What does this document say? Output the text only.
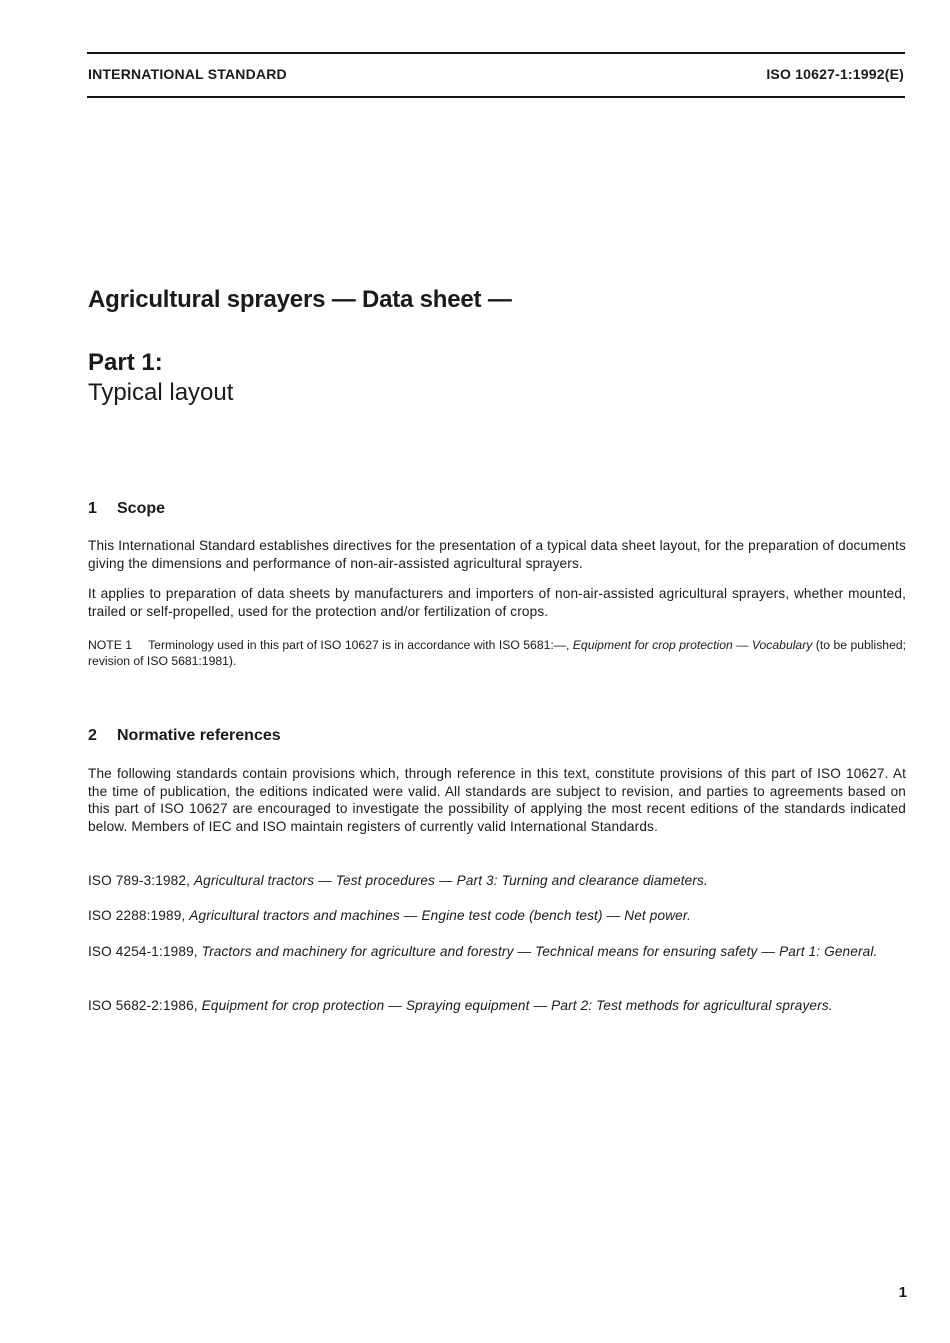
INTERNATIONAL STANDARD	ISO 10627-1:1992(E)
Agricultural sprayers — Data sheet —
Part 1:
Typical layout
1 Scope

This International Standard establishes directives for the presentation of a typical data sheet layout, for the preparation of documents giving the dimensions and performance of non-air-assisted agricultural sprayers.

It applies to preparation of data sheets by manufacturers and importers of non-air-assisted agricultural sprayers, whether mounted, trailed or self-propelled, used for the protection and/or fertilization of crops.

NOTE 1 Terminology used in this part of ISO 10627 is in accordance with ISO 5681:—, Equipment for crop protection — Vocabulary (to be published; revision of ISO 5681:1981).

2 Normative references

The following standards contain provisions which, through reference in this text, constitute provisions of this part of ISO 10627. At the time of publication, the editions indicated were valid. All standards are subject to revision, and parties to agreements based on this part of ISO 10627 are encouraged to investigate the possibility of applying the most recent editions of the standards indicated below. Members of IEC and ISO maintain registers of currently valid International Standards.

ISO 789-3:1982, Agricultural tractors — Test procedures — Part 3: Turning and clearance diameters.

ISO 2288:1989, Agricultural tractors and machines — Engine test code (bench test) — Net power.

ISO 4254-1:1989, Tractors and machinery for agriculture and forestry — Technical means for ensuring safety — Part 1: General.

ISO 5682-2:1986, Equipment for crop protection — Spraying equipment — Part 2: Test methods for agricultural sprayers.

1
